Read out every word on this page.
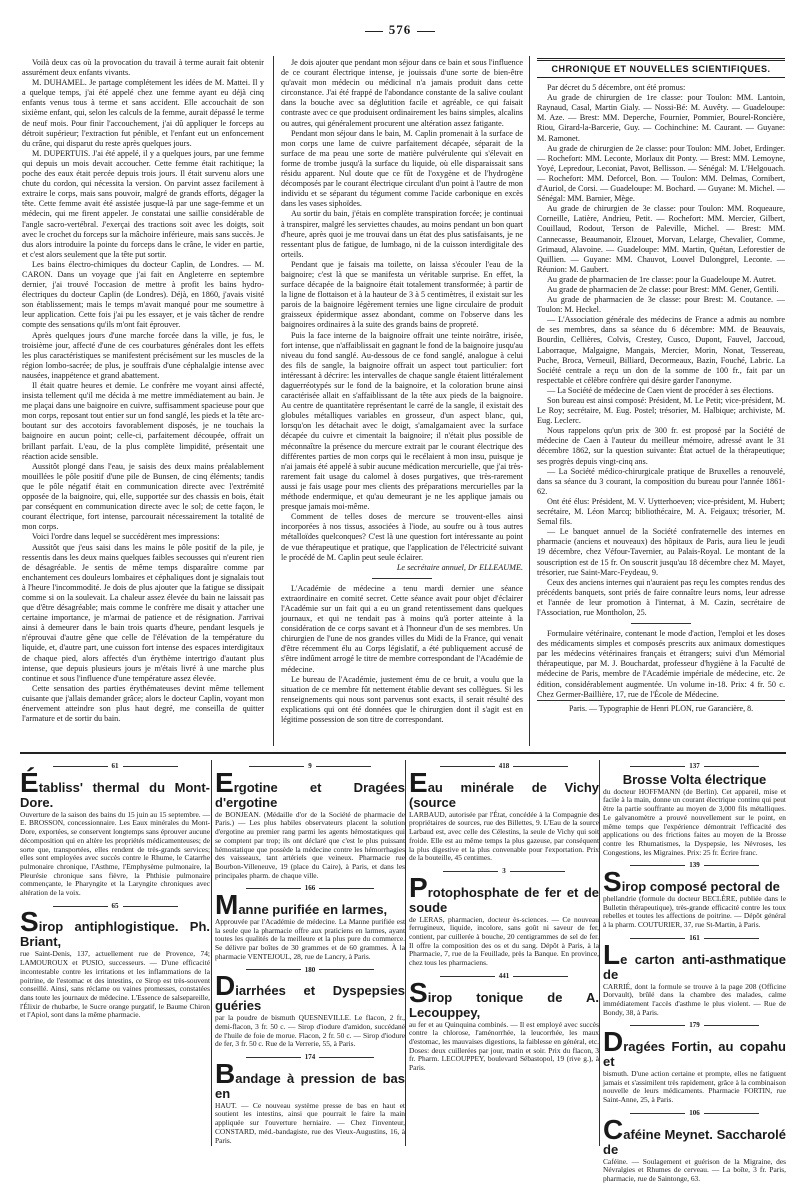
576

Voilà deux cas où la provocation du travail à terme aurait fait obtenir assurément deux enfants vivants.

M. DUHAMEL. Je partage complétement les idées de M. Mattei. Il y a quelque temps, j'ai été appelé chez une femme ayant eu déjà cinq enfants venus tous à terme et sans accident. Elle accouchait de son sixième enfant, qui, selon les calculs de la femme, aurait dépassé le terme de neuf mois. Pour finir l'accouchement, j'ai dû appliquer le forceps au détroit supérieur; l'extraction fut pénible, et l'enfant eut un enfoncement du crâne, qui disparut du reste après quelques jours.

M. DUPERTUIS. J'ai été appelé, il y a quelques jours, par une femme qui depuis un mois devait accoucher. Cette femme était rachitique; la poche des eaux était percée depuis trois jours. Il était survenu alors une chute du cordon, qui nécessita la version. On parvint assez facilement à extraire le corps, mais sans pouvoir, malgré de grands efforts, dégager la tête. Cette femme avait été assistée jusque-là par une sage-femme et un médecin, qui me firent appeler. Je constatai une saillie considérable de l'angle sacro-vertébral. J'exerçai des tractions soit avec les doigts, soit avec le crochet du forceps sur la mâchoire inférieure, mais sans succès. Je dus alors introduire la pointe du forceps dans le crâne, le vider en partie, et c'est alors seulement que la tête put sortir.

Les bains électro-chimiques du docteur Caplin, de Londres. — M. CARON. Dans un voyage que j'ai fait en Angleterre en septembre dernier, j'ai trouvé l'occasion de mettre à profit les bains hydro-électriques du docteur Caplin (de Londres). Déjà, en 1860, j'avais visité son établissement; mais le temps m'avait manqué pour me soumettre à leur application. Cette fois j'ai pu les essayer, et je vais tâcher de rendre compte des sensations qu'ils m'ont fait éprouver.

Après quelques jours d'une marche forcée dans la ville, je fus, le troisième jour, affecté d'une de ces courbatures générales dont les effets les plus caractéristiques se manifestent précisément sur les muscles de la région lombo-sacrée; de plus, je souffrais d'une céphalalgie intense avec nausées, inappétence et grand abattement.

Il était quatre heures et demie. Le confrère me voyant ainsi affecté, insista tellement qu'il me décida à me mettre immédiatement au bain. Je me plaçai dans une baignoire en cuivre, suffisamment spacieuse pour que mon corps, reposant tout entier sur un fond sanglé, les pieds et la tête arc-boutant sur des accotoirs favorablement disposés, je ne touchais la baignoire en aucun point; celle-ci, parfaitement découpée, offrait un brillant parfait. L'eau, de la plus complète limpidité, présentait une réaction acide sensible.

Aussitôt plongé dans l'eau, je saisis des deux mains préalablement mouillées le pôle positif d'une pile de Bunsen, de cinq éléments; tandis que le pôle négatif était en communication directe avec l'extrémité opposée de la baignoire, qui, elle, supportée sur des chassis en bois, était par conséquent en communication directe avec le sol; de cette façon, le courant électrique, fort intense, parcourait nécessairement la totalité de mon corps.

Voici l'ordre dans lequel se succédèrent mes impressions:

Aussitôt que j'eus saisi dans les mains le pôle positif de la pile, je ressentis dans les deux mains quelques faibles secousses qui n'eurent rien de désagréable. Je sentis de même temps disparaître comme par enchantement ces douleurs lombaires et céphaliques dont je signalais tout à l'heure l'incommodité. Je dois de plus ajouter que la fatigue se dissipait comme si on la soulevait. La chaleur assez élevée du bain ne laissait pas que d'être désagréable; mais comme le confrère me disait y attacher une certaine importance, je m'armai de patience et de résignation. J'arrivai ainsi à demeurer dans le bain trois quarts d'heure, pendant lesquels je n'éprouvai d'autre gêne que celle de l'élévation de la température du liquide, et, d'autre part, une cuisson fort intense des espaces interdigitaux de chaque pied, alors affectés d'un érythème intertrigo d'autant plus intense, que depuis plusieurs jours je m'étais livré à une marche plus continue et sous l'influence d'une température assez élevée.

Cette sensation des parties érythémateuses devint même tellement cuisante que j'allais demander grâce; alors le docteur Caplin, voyant mon énervement atteindre son plus haut degré, me conseilla de quitter l'armature et de sortir du bain.

Je dois ajouter que pendant mon séjour dans ce bain et sous l'influence de ce courant électrique intense, je jouissais d'une sorte de bien-être qu'avait mon médecin ou médicinal n'a jamais produit dans cette circonstance. J'ai été frappé de l'abondance constante de la salive coulant dans la bouche avec sa déglutition facile et agréable, ce qui faisait contraste avec ce que produisent ordinairement les bains simples, alcalins ou autres, qui généralement procurent une altération assez fatigante.

Pendant mon séjour dans le bain, M. Caplin promenait à la surface de mon corps une lame de cuivre parfaitement décapée, séparait de la surface de ma peau une sorte de matière pulvérulente qui s'élevait en forme de trombe jusqu'à la surface du liquide, où elle disparaissait sans résidu apparent. Nul doute que ce fût de l'oxygène et de l'hydrogène décomposés par le courant électrique circulant d'un point à l'autre de mon individu et se séparant du tégument comme l'acide carbonique en excès dans les vases siphoïdes.

Au sortir du bain, j'étais en complète transpiration forcée; je continuai à transpirer, malgré les serviettes chaudes, au moins pendant un bon quart d'heure, après quoi je me trouvai dans un état des plus satisfaisants, je ne ressentant plus de fatigue, de lumbago, ni de la cuisson interdigitale des orteils.

Pendant que je faisais ma toilette, on laissa s'écouler l'eau de la baignoire; c'est là que se manifesta un véritable surprise. En effet, la surface décapée de la baignoire était totalement transformée; à partir de la ligne de flottaison et à la hauteur de 3 à 5 centimètres, il existait sur les parois de la baignoire légèrement ternies une ligne circulaire de produit graisseux épidermique assez abondant, comme on l'observe dans les baignoires ordinaires à la suite des grands bains de propreté.

Puis la face interne de la baignoire offrait une teinte noirâtre, irisée, fort intense, que n'affaiblissait en gagnant le fond de la baignoire jusqu'au niveau du fond sanglé. Au-dessous de ce fond sanglé, analogue à celui des fils de sangle, la baignoire offrait un aspect tout particulier: fort intéressant à décrire: les intervalles de chaque sangle étaient littéralement daguerréotypés sur le fond de la baignoire, et la coloration brune ainsi caractérisée allait en s'affaiblissant de la tête aux pieds de la baignoire. Au centre de quantitatère représentant le carré de la sangle, il existait des globules métalliques variables en grosseur, d'un aspect blanc, qui, lorsqu'on les détachait avec le doigt, s'amalgamaient avec la surface décapée du cuivre et cimentait la baignoire; il n'était plus possible de méconnaître la présence du mercure extrait par le courant électrique des différentes parties de mon corps qui le recélaient à mon insu, puisque je n'ai jamais été appelé à subir aucune médication mercurielle, que j'ai très-rarement fait usage du calomel à doses purgatives, que très-rarement aussi je fais usage pour mes clients des préparations mercurielles par la méthode endermique, et qu'au demeurant je ne les applique jamais ou presque jamais moi-même.

Comment de telles doses de mercure se trouvent-elles ainsi incorporées à nos tissus, associées à l'iode, au soufre ou à tous autres métalloïdes quelconques? C'est là une question fort intéressante au point de vue thérapeutique et pratique, que l'application de l'électricité suivant le procédé de M. Caplin peut seule éclairer.

Le secrétaire annuel, Dr ELLEAUME.

L'Académie de médecine a tenu mardi dernier une séance extraordinaire en comité secret. Cette séance avait pour objet d'éclairer l'Académie sur un fait qui a eu un grand retentissement dans quelques journaux, et qui ne tendait pas à moins qu'à porter atteinte à la considération de ce corps savant et à l'honneur d'un de ses membres. Un chirurgien de l'une de nos grandes villes du Midi de la France, qui venait d'être récemment élu au Corps législatif, a été publiquement accusé de s'être indûment arrogé le titre de membre correspondant de l'Académie de médecine.

Le bureau de l'Académie, justement ému de ce bruit, a voulu que la situation de ce membre fût nettement établie devant ses collègues. Si les renseignements qui nous sont parvenus sont exacts, il serait résulté des explications qui ont été données que le chirurgien dont il s'agit est en légitime possession de son titre de correspondant.

CHRONIQUE ET NOUVELLES SCIENTIFIQUES.

Par décret du 5 décembre, ont été promus:

Au grade de chirurgien de 1re classe: pour Toulon: MM. Lantoin, Raynaud, Casal, Martin Gialy. — Nossi-Bé: M. Auvêty. — Guadeloupe: M. Aze. — Brest: MM. Deperche, Fournier, Pommier, Bourel-Roncière, Riou, Girard-la-Barcerie, Guy. — Cochinchine: M. Caurant. — Guyane: M. Ramonet.

Au grade de chirurgien de 2e classe: pour Toulon: MM. Jobet, Erdinger. — Rochefort: MM. Leconte, Morlaux dit Ponty. — Brest: MM. Lemoyne, Yoyé, Lepredour, Leconiat, Pavot, Bellisson. — Sénégal: M. L'Helgouach. — Rochefort: MM. Deforcel, Bon. — Toulon: MM. Delmas, Cornibert, d'Auriol, de Corsi. — Guadeloupe: M. Bochard. — Guyane: M. Michel. — Sénégal: MM. Barnier, Mège.

Au grade de chirurgien de 3e classe: pour Toulon: MM. Roqueaure, Corneille, Latière, Andrieu, Petit. — Rochefort: MM. Mercier, Gilbert, Couillaud, Rodout, Terson de Paleville, Michel. — Brest: MM. Cannecasse, Beaumanoir, Elzouet, Morvan, Lelarge, Chevalier, Comme, Grimaud, Alavoine. — Guadeloupe: MM. Martin, Quétan, Leforestier de Quillien. — Guyane: MM. Chauvot, Louvel Dulongprel, Leconte. — Réunion: M. Gaubert.

Au grade de pharmacien de 1re classe: pour la Guadeloupe M. Autret.

Au grade de pharmacien de 2e classe: pour Brest: MM. Gener, Gentili.

Au grade de pharmacien de 3e classe: pour Brest: M. Coutance. — Toulon: M. Heckel.

— L'Association générale des médecins de France a admis au nombre de ses membres, dans sa séance du 6 décembre: MM. de Beauvais, Bourdin, Cellières, Colvis, Crestey, Cusco, Dupont, Fauvel, Jaccoud, Laborraque, Malgaigne, Mangais, Mercier, Morin, Nonat, Tessereau, Puche, Broca, Verneuil, Billiard, Decormeaux, Bazin, Fouché, Labric. La Société centrale a reçu un don de la somme de 100 fr., fait par un respectable et célèbre confrère qui désire garder l'anonyme.

— La Société de médecine de Caen vient de procéder à ses élections.

Son bureau est ainsi composé: Président, M. Le Petit; vice-président, M. Le Roy; secrétaire, M. Eug. Postel; trésorier, M. Halbique; archiviste, M. Eug. Leclerc.

Nous rappelons qu'un prix de 300 fr. est proposé par la Société de médecine de Caen à l'auteur du meilleur mémoire, adressé avant le 31 décembre 1862, sur la question suivante: État actuel de la thérapeutique; ses progrès depuis vingt-cinq ans.

— La Société médico-chirurgicale pratique de Bruxelles a renouvelé, dans sa séance du 3 courant, la composition du bureau pour l'année 1861-62.

Ont été élus: Président, M. V. Uytterhoeven; vice-président, M. Hubert; secrétaire, M. Léon Marcq; bibliothécaire, M. A. Feigaux; trésorier, M. Semal fils.

— Le banquet annuel de la Société confraternelle des internes en pharmacie (anciens et nouveaux) des hôpitaux de Paris, aura lieu le jeudi 19 décembre, chez Véfour-Tavernier, au Palais-Royal. Le montant de la souscription est de 15 fr. On souscrit jusqu'au 18 décembre chez M. Mayet, trésorier, rue Saint-Marc-Feydeau, 9.

Ceux des anciens internes qui n'auraient pas reçu les comptes rendus des précédents banquets, sont priés de faire connaître leurs noms, leur adresse et l'année de leur promotion à l'internat, à M. Cazin, secrétaire de l'Association, rue Montholon, 25.

Formulaire vétérinaire, contenant le mode d'action, l'emploi et les doses des médicaments simples et composés prescrits aux animaux domestiques par les médecins vétérinaires français et étrangers; suivi d'un Mémorial thérapeutique, par M. J. Bouchardat, professeur d'hygiène à la Faculté de médecine de Paris, membre de l'Académie impériale de médecine, etc. 2e édition, considérablement augmentée. Un volume in-18. Prix: 4 fr. 50 c. Chez Germer-Baillière, 17, rue de l'École de Médecine.

Paris. — Typographie de Henri PLON, rue Garancière, 8.

61
Établiss' thermal du Mont-Dore.
Ouverture de la saison des bains du 15 juin au 15 septembre. — E. BROSSON, concessionnaire. Les Eaux minérales du Mont-Dore, exportées, se conservent longtemps sans éprouver aucune décomposition qui en altère les propriétés médicamenteuses; de sorte que, transportées, elles rendent de très-grands services; elles sont employées avec succès contre le Rhume, le Catarrhe pulmonaire chronique, l'Asthme, l'Emphysème pulmonaire, la Pleurésie chronique sans fièvre, la Phthisie pulmonaire commençante, le Pharyngite et la Laryngite chroniques avec altération de la voix.
65
Sirop antiphlogistique. Ph. Briant,
rue Saint-Denis, 137, actuellement rue de Provence, 74; LAMOUROUX et PUSIO, successeurs. — D'une efficacité incontestable contre les irritations et les inflammations de la poitrine, de l'estomac et des intestins, ce Sirop est très-souvent conseillé. Ainsi, sans réclame ou vaines promesses, constatées dans toute les journaux de médecine. L'Essence de salsepareille, l'Élixir de rhubarbe, le Sucre orange purgatif, le Baume Chiron et l'Apiol, sont dans la même pharmacie.
9
Ergotine et Dragées d'ergotine
de BONJEAN. (Médaille d'or de la Société de pharmacie de Paris.) — Les plus habiles observateurs placent la solution d'ergotine au premier rang parmi les agents hémostatiques qui se comptent par trop; ils ont déclaré que c'est le plus puissant hémostatique que possède la médecine contre les hémorrhagies des vaisseaux, tant artériels que veineux. Pharmacie rue Bourbon-Villeneuve, 19 (place du Caire), à Paris, et dans les principales pharm. de chaque ville.
166
Manne purifiée en larmes,
Approuvée par l'Académie de médecine. La Manne purifiée est la seule que la pharmacie offre aux praticiens en larmes, ayant toutes les qualités de la meilleure et la plus pure du commerce. Se délivre par boîtes de 30 grammes et de 60 grammes. À la pharmacie VENTEJOUL, 28, rue de Lancry, à Paris.
180
Diarrhées et Dyspepsies guéries
par la poudre de bismuth QUESNEVILLE. Le flacon, 2 fr., demi-flacon, 3 fr. 50 c. — Sirop d'iodure d'amidon, succédané de l'huile de foie de morue. Flacon, 2 fr. 50 c. — Sirop d'iodure de fer, 3 fr. 50 c. Rue de la Verrerie, 55, à Paris.
174
Bandage à pression de bas en
HAUT. — Ce nouveau système presse de bas en haut et soutient les intestins, ainsi que pourrait le faire la main appliquée sur l'ouverture herniaire. — Chez l'inventeur, CONSTARD, méd.-bandagiste, rue des Vieux-Augustins, 16, à Paris.
418
Eau minérale de Vichy (source
LARBAUD, autorisée par l'État, concédée à la Compagnie des propriétaires de sources, rue des Billettes, 9. L'Eau de la source Larbaud est, avec celle des Célestins, la seule de Vichy qui soit froide. Elle est au même temps la plus gazeuse, par conséquent la plus digestive et la plus convenable pour l'exportation. Prix de la bouteille, 45 centimes.
3
Protophosphate de fer et de soude
de LERAS, pharmacien, docteur ès-sciences. — Ce nouveau ferrugineux, liquide, incolore, sans goût ni saveur de fer, contient, par cuillerée à bouche, 20 centigrammes de sel de fer. Il offre la composition des os et du sang. Dépôt à Paris, à la Pharmacie, 7, rue de la Feuillade, près la Banque. En province, chez tous les pharmaciens.
441
Sirop tonique de A. Lecouppey,
au fer et au Quinquina combinés. — Il est employé avec succès contre la chlorose, l'aménorrhée, la leucorrhée, les maux d'estomac, les mauvaises digestions, la faiblesse en général, etc. Doses: deux cuillerées par jour, matin et soir. Prix du flacon, 3 fr. Pharm. LECOUPPEY, boulevard Sébastopol, 19 (rive g.), à Paris.
137
Brosse Volta électrique
du docteur HOFFMANN (de Berlin). Cet appareil, mise et facile à la main, donne un courant électrique continu qui peut être la partie souffrante au moyen de 3,000 fils métalliques. Le galvanomètre a prouvé nouvellement sur le point, en même temps que l'expérience démontrait l'efficacité des applications ou des frictions faites au moyen de la Brosse contre les Rhumatismes, la Dyspepsie, les Névroses, les Congestions, les Migraines. Prix: 25 fr. Écrire franc.
139
Sirop composé pectoral de
phellandrie (formule du docteur BECLÈRE, publiée dans le Bulletin thérapeutique), très-grande efficacité contre les toux rebelles et toutes les affections de poitrine. — Dépôt général à la pharm. COUTURIER, 37, rue St-Martin, à Paris.
161
Le carton anti-asthmatique de
CARRIÉ, dont la formule se trouve à la page 208 (Officine Dorvault), brûlé dans la chambre des malades, calme immédiatement l'accès d'asthme le plus violent. — Rue de Bondy, 38, à Paris.
179
Dragées Fortin, au copahu et
bismuth. D'une action certaine et prompte, elles ne fatiguent jamais et s'assimilent très rapidement, grâce à la combinaison nouvelle de leurs médicaments. Pharmacie FORTIN, rue Saint-Anne, 25, à Paris.
106
Caféine Meynet. Saccharolé de
Caféine. — Soulagement et guérison de la Migraine, des Névralgies et Rhumes de cerveau. — La boîte, 3 fr. Paris, pharmacie, rue de Saintonge, 63.
